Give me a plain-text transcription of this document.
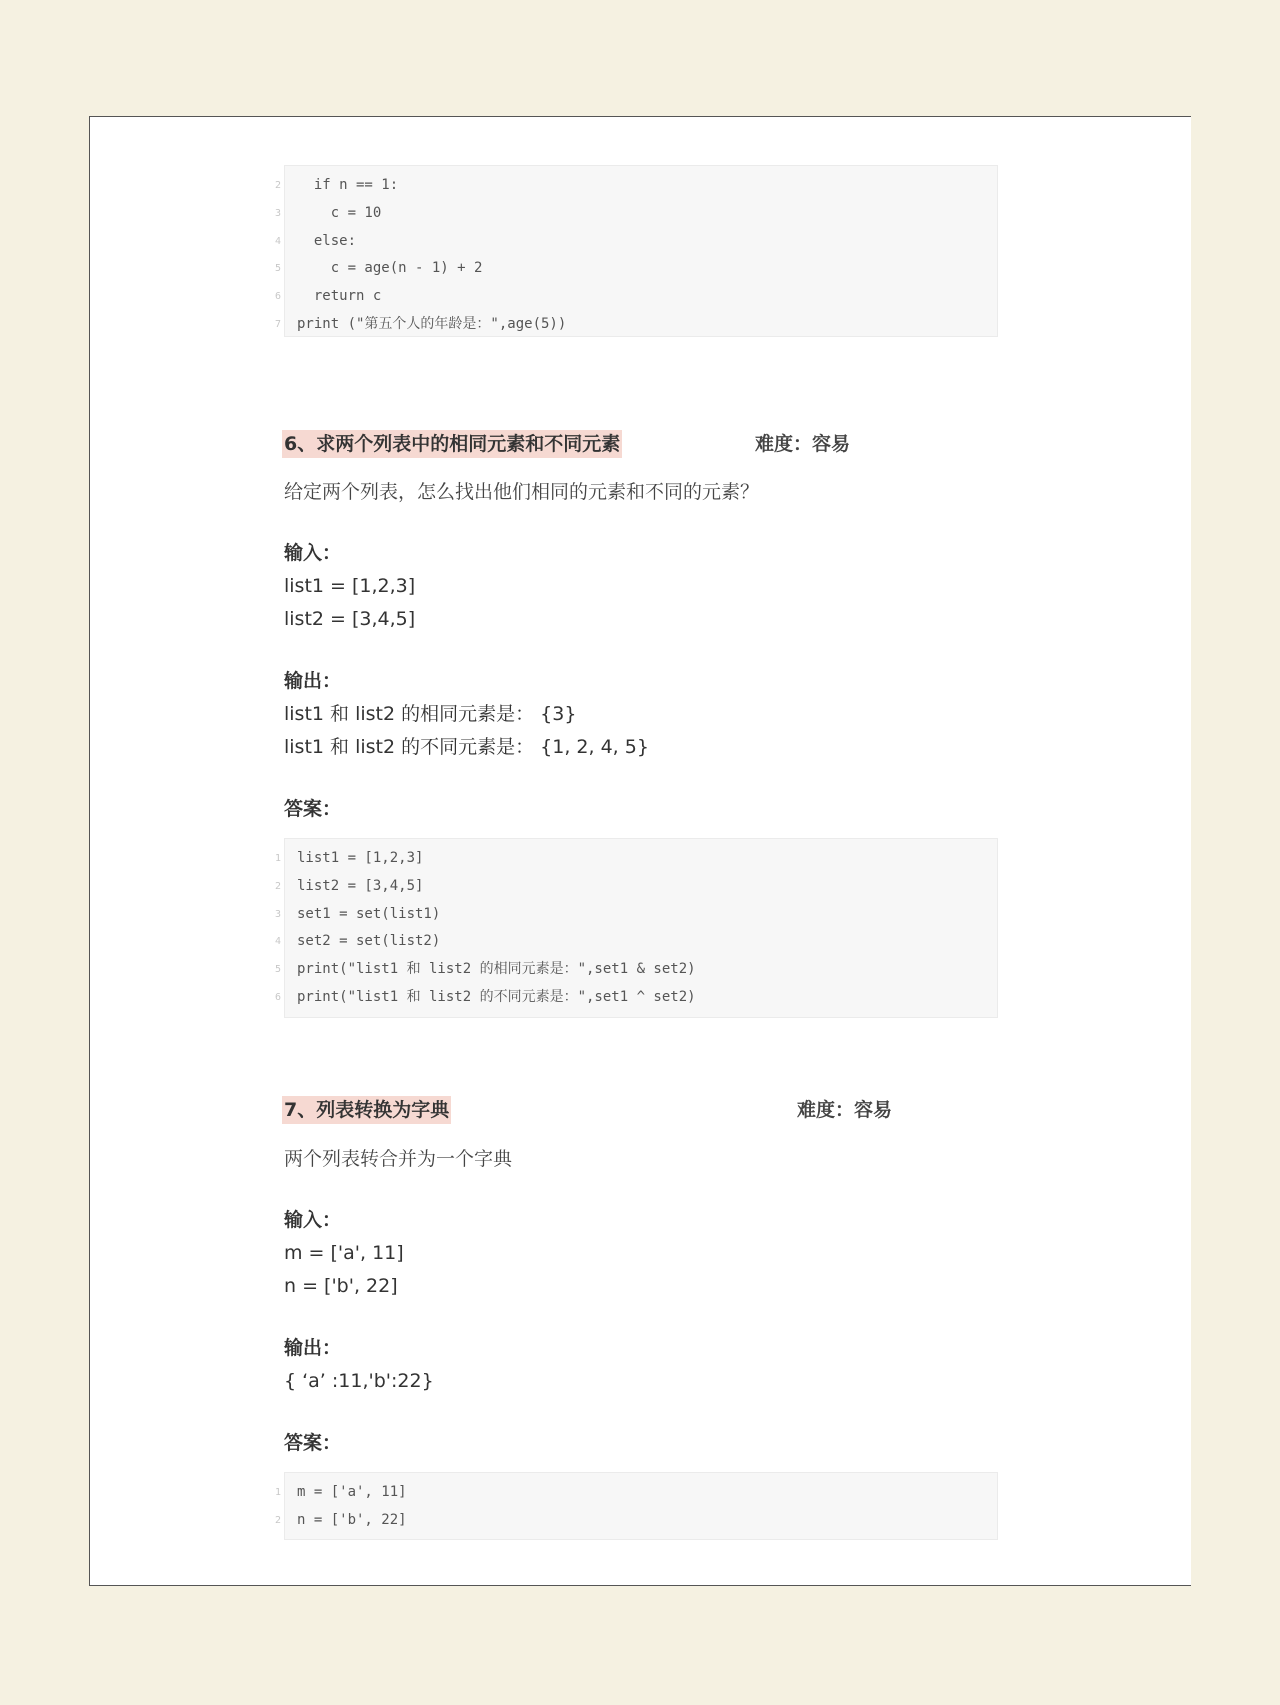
2 if n == 1:
3 c = 10
4 else:
5 c = age(n - 1) + 2
6 return c
7 print ("第五个人的年龄是：",age(5))
6、求两个列表中的相同元素和不同元素	难度：容易
给定两个列表，怎么找出他们相同的元素和不同的元素？
输入：
list1 = [1,2,3]
list2 = [3,4,5]
输出：
list1 和 list2 的相同元素是： {3}
list1 和 list2 的不同元素是： {1, 2, 4, 5}
答案：
1 list1 = [1,2,3]
2 list2 = [3,4,5]
3 set1 = set(list1)
4 set2 = set(list2)
5 print("list1 和 list2 的相同元素是：",set1 & set2)
6 print("list1 和 list2 的不同元素是：",set1 ^ set2)
7、列表转换为字典	难度：容易
两个列表转合并为一个字典
输入：
m = ['a', 11]
n = ['b', 22]
输出：
{ ‘a’ :11,'b':22}
答案：
1 m = ['a', 11]
2 n = ['b', 22]
